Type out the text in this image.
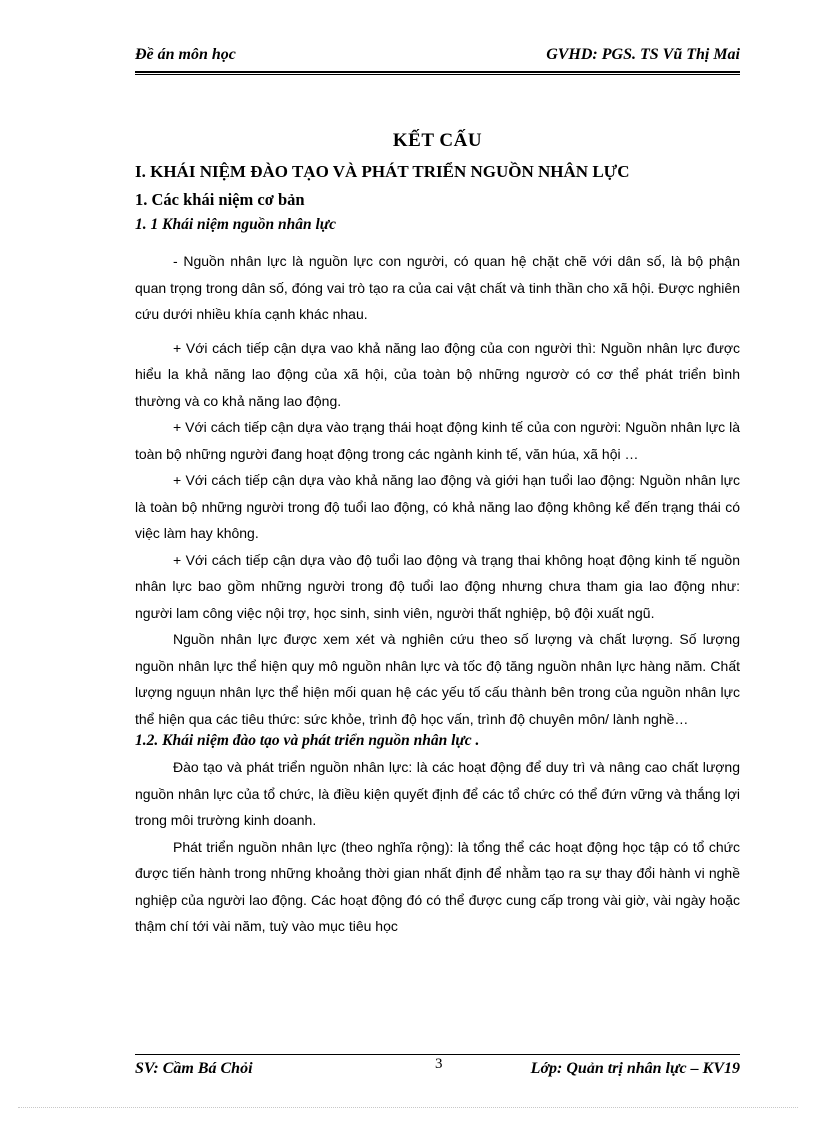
Đề án môn học	GVHD: PGS. TS Vũ Thị Mai
KẾT CẤU
I. KHÁI NIỆM ĐÀO TẠO VÀ PHÁT TRIỂN NGUỒN NHÂN LỰC
1. Các khái niệm cơ bản
1. 1 Khái niệm nguồn nhân lực

- Nguồn nhân lực là nguồn lực con người, có quan hệ chặt chẽ với dân số, là bộ phận quan trọng trong dân số, đóng vai trò tạo ra của cai vật chất và tinh thần cho xã hội. Được nghiên cứu dưới nhiều khía cạnh khác nhau.

+ Với cách tiếp cận dựa vao khả năng lao động của con người thì: Nguồn nhân lực được hiểu la khả năng lao động của xã hội, của toàn bộ những ngươờ có cơ thể phát triển bình thường và co khả năng lao động.

+ Với cách tiếp cận dựa vào trạng thái hoạt động kinh tế của con người: Nguồn nhân lực là toàn bộ những người đang hoạt động trong các ngành kinh tế, văn húa, xã hội …

+ Với cách tiếp cận dựa vào khả năng lao động và giới hạn tuổi lao động: Nguồn nhân lực là toàn bộ những người trong độ tuổi lao động, có khả năng lao động không kể đến trạng thái có việc làm hay không.

+ Với cách tiếp cận dựa vào độ tuổi lao động và trạng thai không hoạt động kinh tế nguồn nhân lực bao gồm những người trong độ tuổi lao động nhưng chưa tham gia lao động như: người lam công việc nội trợ, học sinh, sinh viên, người thất nghiệp, bộ đội xuất ngũ.

Nguồn nhân lực được xem xét và nghiên cứu theo số lượng và chất lượng. Số lượng nguồn nhân lực thể hiện quy mô nguồn nhân lực và tốc độ tăng nguồn nhân lực hàng năm. Chất lượng nguụn nhân lực thể hiện mối quan hệ các yếu tố cấu thành bên trong của nguồn nhân lực thể hiện qua các tiêu thức: sức khỏe, trình độ học vấn, trình độ chuyên môn/ lành nghề…

1.2. Khái niệm đào tạo và phát triển nguồn nhân lực .

Đào tạo và phát triển nguồn nhân lực: là các hoạt động để duy trì và nâng cao chất lượng nguồn nhân lực của tổ chức, là điều kiện quyết định để các tổ chức có thể đứn vững và thắng lợi trong môi trường kinh doanh.

Phát triển nguồn nhân lực (theo nghĩa rộng): là tổng thể các hoạt động học tập có tổ chức được tiến hành trong những khoảng thời gian nhất định để nhằm tạo ra sự thay đổi hành vi nghề nghiệp của người lao động. Các hoạt động đó có thể được cung cấp trong vài giờ, vài ngày hoặc thậm chí tới vài năm, tuỳ vào mục tiêu học

SV: Cầm Bá Chỏi	3	Lớp: Quản trị nhân lực – KV19
